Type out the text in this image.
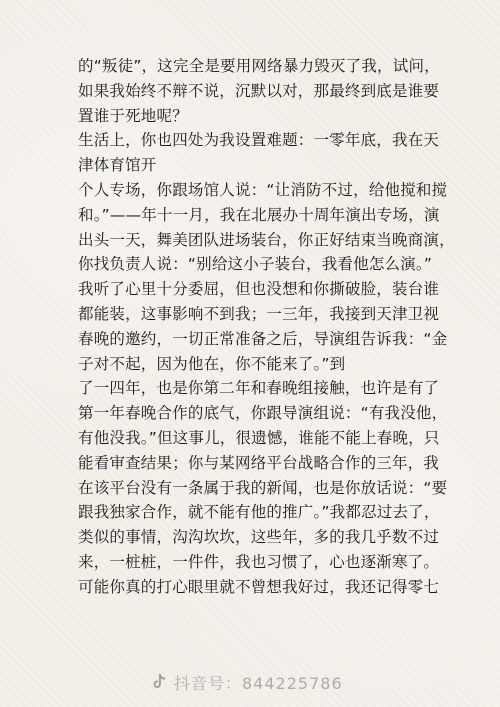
的“叛徒”，这完全是要用网络暴力毁灭了我，试问，
如果我始终不辩不说，沉默以对，那最终到底是谁要
置谁于死地呢？
生活上，你也四处为我设置难题：一零年底，我在天
津体育馆开
个人专场，你跟场馆人说：“让消防不过，给他搅和搅
和。”——年十一月，我在北展办十周年演出专场，演
出头一天，舞美团队进场装台，你正好结束当晚商演，
你找负责人说：“别给这小子装台，我看他怎么演。”
我听了心里十分委屈，但也没想和你撕破脸，装台谁
都能装，这事影响不到我；一三年，我接到天津卫视
春晚的邀约，一切正常准备之后，导演组告诉我：“金
子对不起，因为他在，你不能来了。”到
了一四年，也是你第二年和春晚组接触，也许是有了
第一年春晚合作的底气，你跟导演组说：“有我没他，
有他没我。”但这事儿，很遗憾，谁能不能上春晚，只
能看审查结果；你与某网络平台战略合作的三年，我
在该平台没有一条属于我的新闻，也是你放话说：“要
跟我独家合作，就不能有他的推广。”我都忍过去了，
类似的事情，沟沟坎坎，这些年，多的我几乎数不过
来，一桩桩，一件件，我也习惯了，心也逐渐寒了。
可能你真的打心眼里就不曾想我好过，我还记得零七
抖音号：844225786
